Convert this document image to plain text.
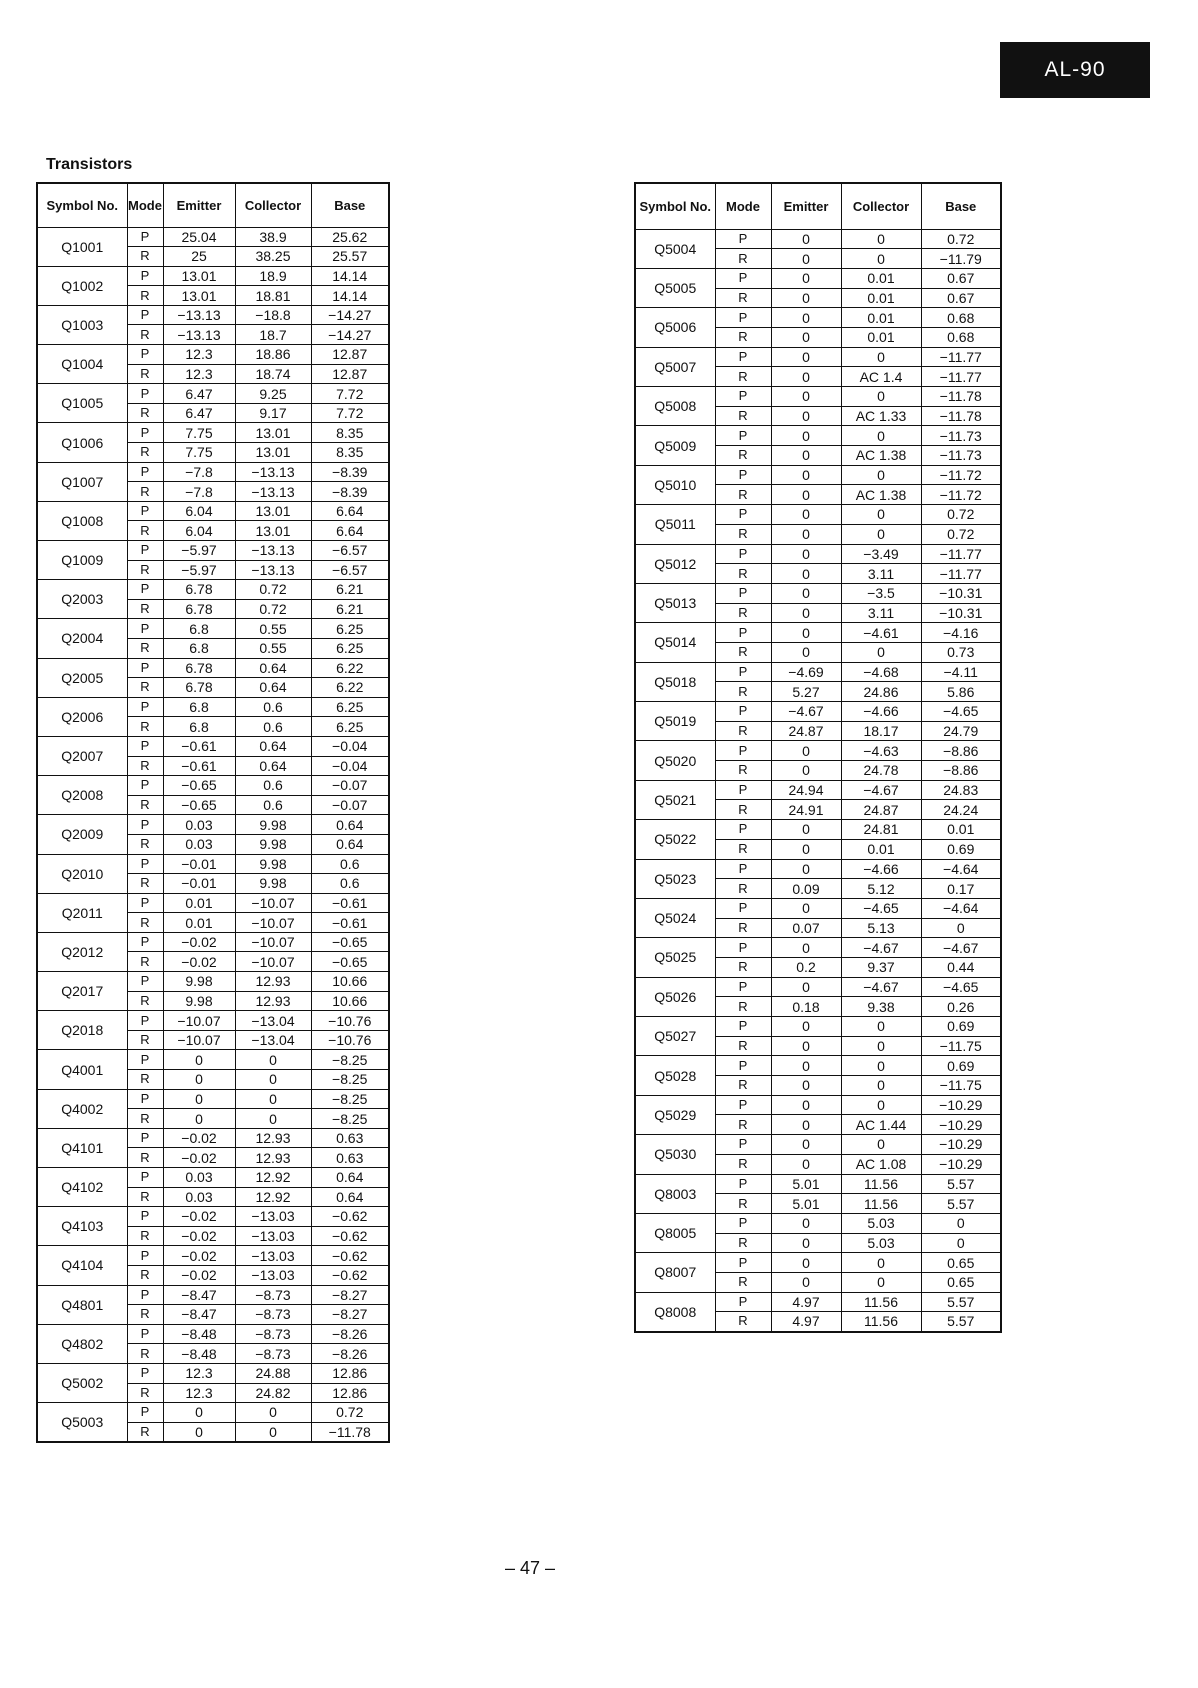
AL-90
Transistors
Symbol No.	Mode	Emitter	Collector	Base
Q1001	P	25.04	38.9	25.62
	R	25	38.25	25.57
Q1002	P	13.01	18.9	14.14
	R	13.01	18.81	14.14
Q1003	P	−13.13	−18.8	−14.27
	R	−13.13	18.7	−14.27
Q1004	P	12.3	18.86	12.87
	R	12.3	18.74	12.87
Q1005	P	6.47	9.25	7.72
	R	6.47	9.17	7.72
Q1006	P	7.75	13.01	8.35
	R	7.75	13.01	8.35
Q1007	P	−7.8	−13.13	−8.39
	R	−7.8	−13.13	−8.39
Q1008	P	6.04	13.01	6.64
	R	6.04	13.01	6.64
Q1009	P	−5.97	−13.13	−6.57
	R	−5.97	−13.13	−6.57
Q2003	P	6.78	0.72	6.21
	R	6.78	0.72	6.21
Q2004	P	6.8	0.55	6.25
	R	6.8	0.55	6.25
Q2005	P	6.78	0.64	6.22
	R	6.78	0.64	6.22
Q2006	P	6.8	0.6	6.25
	R	6.8	0.6	6.25
Q2007	P	−0.61	0.64	−0.04
	R	−0.61	0.64	−0.04
Q2008	P	−0.65	0.6	−0.07
	R	−0.65	0.6	−0.07
Q2009	P	0.03	9.98	0.64
	R	0.03	9.98	0.64
Q2010	P	−0.01	9.98	0.6
	R	−0.01	9.98	0.6
Q2011	P	0.01	−10.07	−0.61
	R	0.01	−10.07	−0.61
Q2012	P	−0.02	−10.07	−0.65
	R	−0.02	−10.07	−0.65
Q2017	P	9.98	12.93	10.66
	R	9.98	12.93	10.66
Q2018	P	−10.07	−13.04	−10.76
	R	−10.07	−13.04	−10.76
Q4001	P	0	0	−8.25
	R	0	0	−8.25
Q4002	P	0	0	−8.25
	R	0	0	−8.25
Q4101	P	−0.02	12.93	0.63
	R	−0.02	12.93	0.63
Q4102	P	0.03	12.92	0.64
	R	0.03	12.92	0.64
Q4103	P	−0.02	−13.03	−0.62
	R	−0.02	−13.03	−0.62
Q4104	P	−0.02	−13.03	−0.62
	R	−0.02	−13.03	−0.62
Q4801	P	−8.47	−8.73	−8.27
	R	−8.47	−8.73	−8.27
Q4802	P	−8.48	−8.73	−8.26
	R	−8.48	−8.73	−8.26
Q5002	P	12.3	24.88	12.86
	R	12.3	24.82	12.86
Q5003	P	0	0	0.72
	R	0	0	−11.78
Symbol No.	Mode	Emitter	Collector	Base
Q5004	P	0	0	0.72
	R	0	0	−11.79
Q5005	P	0	0.01	0.67
	R	0	0.01	0.67
Q5006	P	0	0.01	0.68
	R	0	0.01	0.68
Q5007	P	0	0	−11.77
	R	0	AC 1.4	−11.77
Q5008	P	0	0	−11.78
	R	0	AC 1.33	−11.78
Q5009	P	0	0	−11.73
	R	0	AC 1.38	−11.73
Q5010	P	0	0	−11.72
	R	0	AC 1.38	−11.72
Q5011	P	0	0	0.72
	R	0	0	0.72
Q5012	P	0	−3.49	−11.77
	R	0	3.11	−11.77
Q5013	P	0	−3.5	−10.31
	R	0	3.11	−10.31
Q5014	P	0	−4.61	−4.16
	R	0	0	0.73
Q5018	P	−4.69	−4.68	−4.11
	R	5.27	24.86	5.86
Q5019	P	−4.67	−4.66	−4.65
	R	24.87	18.17	24.79
Q5020	P	0	−4.63	−8.86
	R	0	24.78	−8.86
Q5021	P	24.94	−4.67	24.83
	R	24.91	24.87	24.24
Q5022	P	0	24.81	0.01
	R	0	0.01	0.69
Q5023	P	0	−4.66	−4.64
	R	0.09	5.12	0.17
Q5024	P	0	−4.65	−4.64
	R	0.07	5.13	0
Q5025	P	0	−4.67	−4.67
	R	0.2	9.37	0.44
Q5026	P	0	−4.67	−4.65
	R	0.18	9.38	0.26
Q5027	P	0	0	0.69
	R	0	0	−11.75
Q5028	P	0	0	0.69
	R	0	0	−11.75
Q5029	P	0	0	−10.29
	R	0	AC 1.44	−10.29
Q5030	P	0	0	−10.29
	R	0	AC 1.08	−10.29
Q8003	P	5.01	11.56	5.57
	R	5.01	11.56	5.57
Q8005	P	0	5.03	0
	R	0	5.03	0
Q8007	P	0	0	0.65
	R	0	0	0.65
Q8008	P	4.97	11.56	5.57
	R	4.97	11.56	5.57
– 47 –
